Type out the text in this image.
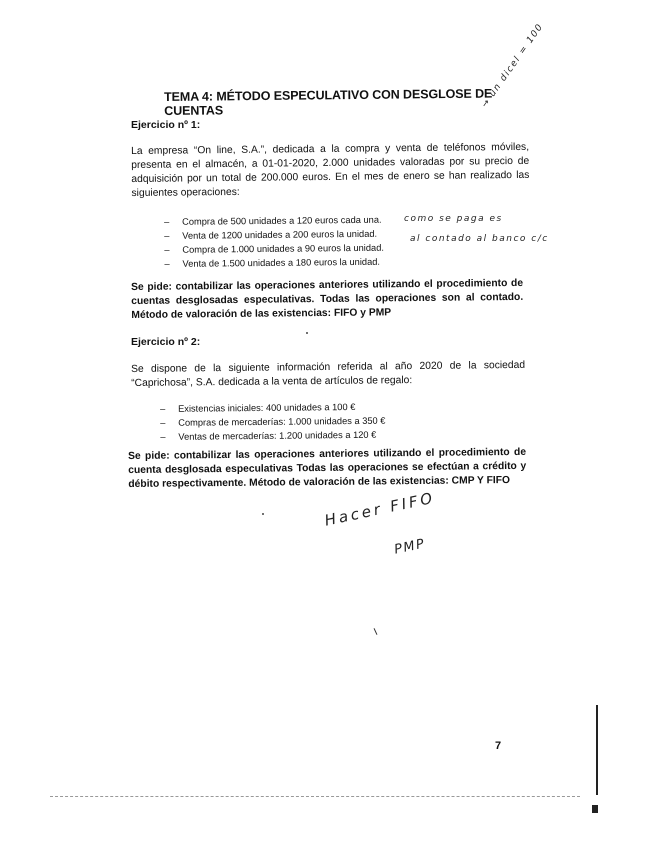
TEMA 4: MÉTODO ESPECULATIVO CON DESGLOSE DE CUENTAS
Ejercicio nº 1:
La empresa “On line, S.A.”, dedicada a la compra y venta de teléfonos móviles, presenta en el almacén, a 01-01-2020, 2.000 unidades valoradas por su precio de adquisición por un total de 200.000 euros. En el mes de enero se han realizado las siguientes operaciones:
– Compra de 500 unidades a 120 euros cada una.
– Venta de 1200 unidades a 200 euros la unidad.
– Compra de 1.000 unidades a 90 euros la unidad.
– Venta de 1.500 unidades a 180 euros la unidad.
como se paga es
al contado al banco c/c
Se pide: contabilizar las operaciones anteriores utilizando el procedimiento de cuentas desglosadas especulativas. Todas las operaciones son al contado. Método de valoración de las existencias: FIFO y PMP
Ejercicio nº 2:
Se dispone de la siguiente información referida al año 2020 de la sociedad “Caprichosa”, S.A. dedicada a la venta de artículos de regalo:
– Existencias iniciales: 400 unidades a 100 €
– Compras de mercaderías: 1.000 unidades a 350 €
– Ventas de mercaderías: 1.200 unidades a 120 €
Se pide: contabilizar las operaciones anteriores utilizando el procedimiento de cuenta desglosada especulativas Todas las operaciones se efectúan a crédito y débito respectivamente. Método de valoración de las existencias: CMP Y FIFO
→ un dicel = 100
Hacer FIFO
PMP
7
